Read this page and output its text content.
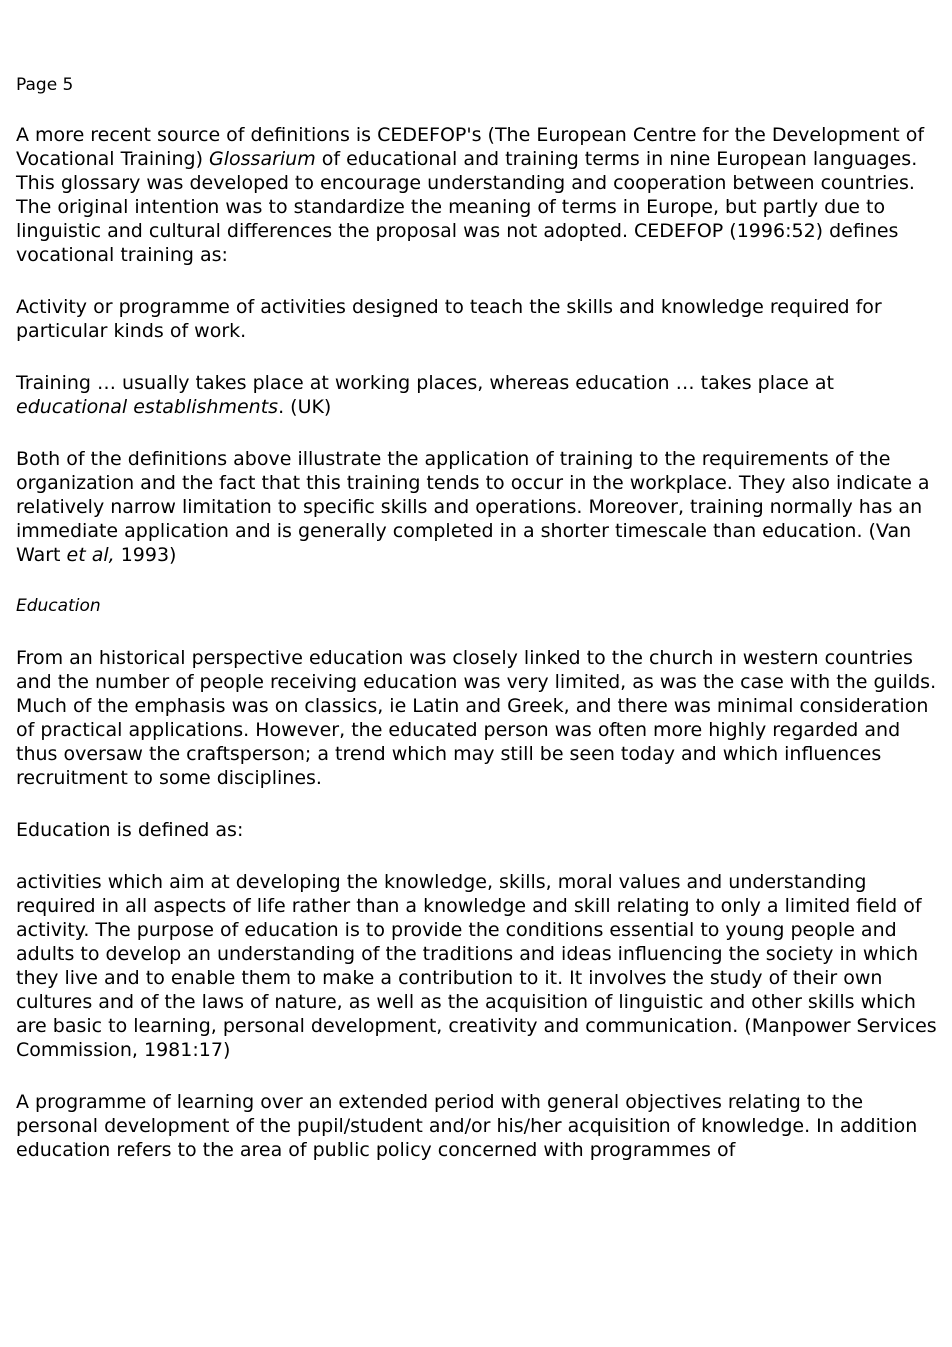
Page 5

A more recent source of definitions is CEDEFOP's (The European Centre for the Development of Vocational Training) Glossarium of educational and training terms in nine European languages. This glossary was developed to encourage understanding and cooperation between countries. The original intention was to standardize the meaning of terms in Europe, but partly due to linguistic and cultural differences the proposal was not adopted. CEDEFOP (1996:52) defines vocational training as:

Activity or programme of activities designed to teach the skills and knowledge required for particular kinds of work.

Training … usually takes place at working places, whereas education … takes place at educational establishments. (UK)

Both of the definitions above illustrate the application of training to the requirements of the organization and the fact that this training tends to occur in the workplace. They also indicate a relatively narrow limitation to specific skills and operations. Moreover, training normally has an immediate application and is generally completed in a shorter timescale than education. (Van Wart et al, 1993)

Education

From an historical perspective education was closely linked to the church in western countries and the number of people receiving education was very limited, as was the case with the guilds. Much of the emphasis was on classics, ie Latin and Greek, and there was minimal consideration of practical applications. However, the educated person was often more highly regarded and thus oversaw the craftsperson; a trend which may still be seen today and which influences recruitment to some disciplines.

Education is defined as:

activities which aim at developing the knowledge, skills, moral values and understanding required in all aspects of life rather than a knowledge and skill relating to only a limited field of activity. The purpose of education is to provide the conditions essential to young people and adults to develop an understanding of the traditions and ideas influencing the society in which they live and to enable them to make a contribution to it. It involves the study of their own cultures and of the laws of nature, as well as the acquisition of linguistic and other skills which are basic to learning, personal development, creativity and communication. (Manpower Services Commission, 1981:17)

A programme of learning over an extended period with general objectives relating to the personal development of the pupil/student and/or his/her acquisition of knowledge. In addition education refers to the area of public policy concerned with programmes of
